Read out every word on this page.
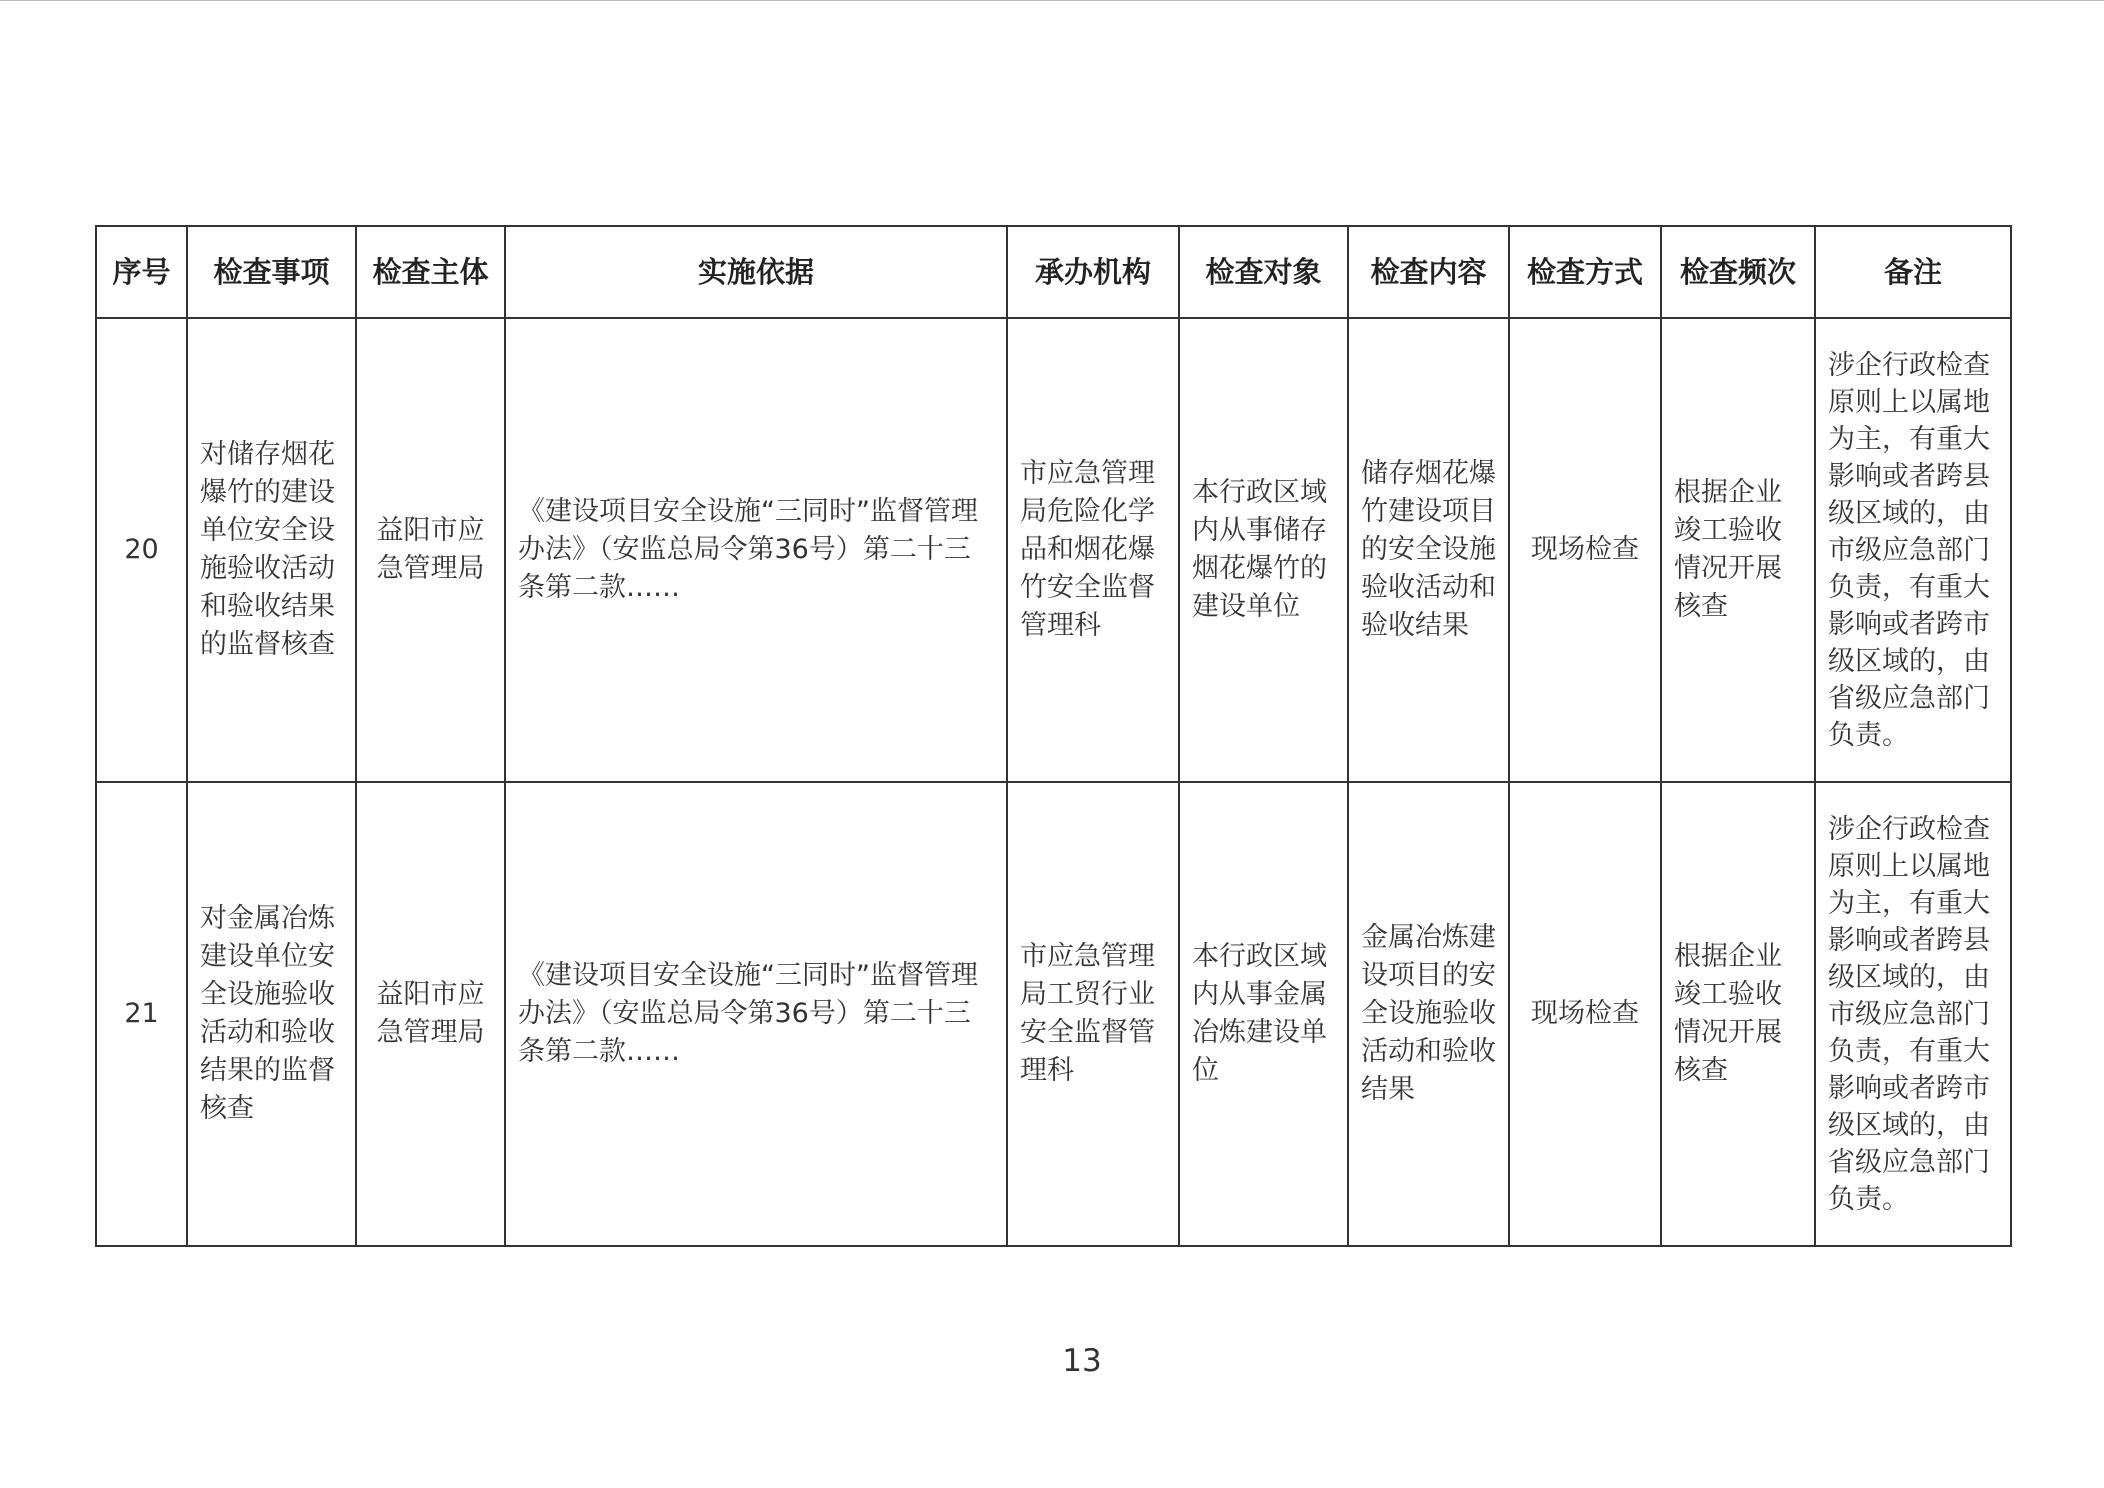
序号	检查事项	检查主体	实施依据	承办机构	检查对象	检查内容	检查方式	检查频次	备注
20	对储存烟花爆竹的建设单位安全设施验收活动和验收结果的监督核查	益阳市应急管理局	《建设项目安全设施“三同时”监督管理办法》（安监总局令第36号）第二十三条第二款……	市应急管理局危险化学品和烟花爆竹安全监督管理科	本行政区域内从事储存烟花爆竹的建设单位	储存烟花爆竹建设项目的安全设施验收活动和验收结果	现场检查	根据企业竣工验收情况开展核查	涉企行政检查原则上以属地为主，有重大影响或者跨县级区域的，由市级应急部门负责，有重大影响或者跨市级区域的，由省级应急部门负责。
21	对金属冶炼建设单位安全设施验收活动和验收结果的监督核查	益阳市应急管理局	《建设项目安全设施“三同时”监督管理办法》（安监总局令第36号）第二十三条第二款……	市应急管理局工贸行业安全监督管理科	本行政区域内从事金属冶炼建设单位	金属冶炼建设项目的安全设施验收活动和验收结果	现场检查	根据企业竣工验收情况开展核查	涉企行政检查原则上以属地为主，有重大影响或者跨县级区域的，由市级应急部门负责，有重大影响或者跨市级区域的，由省级应急部门负责。
13
